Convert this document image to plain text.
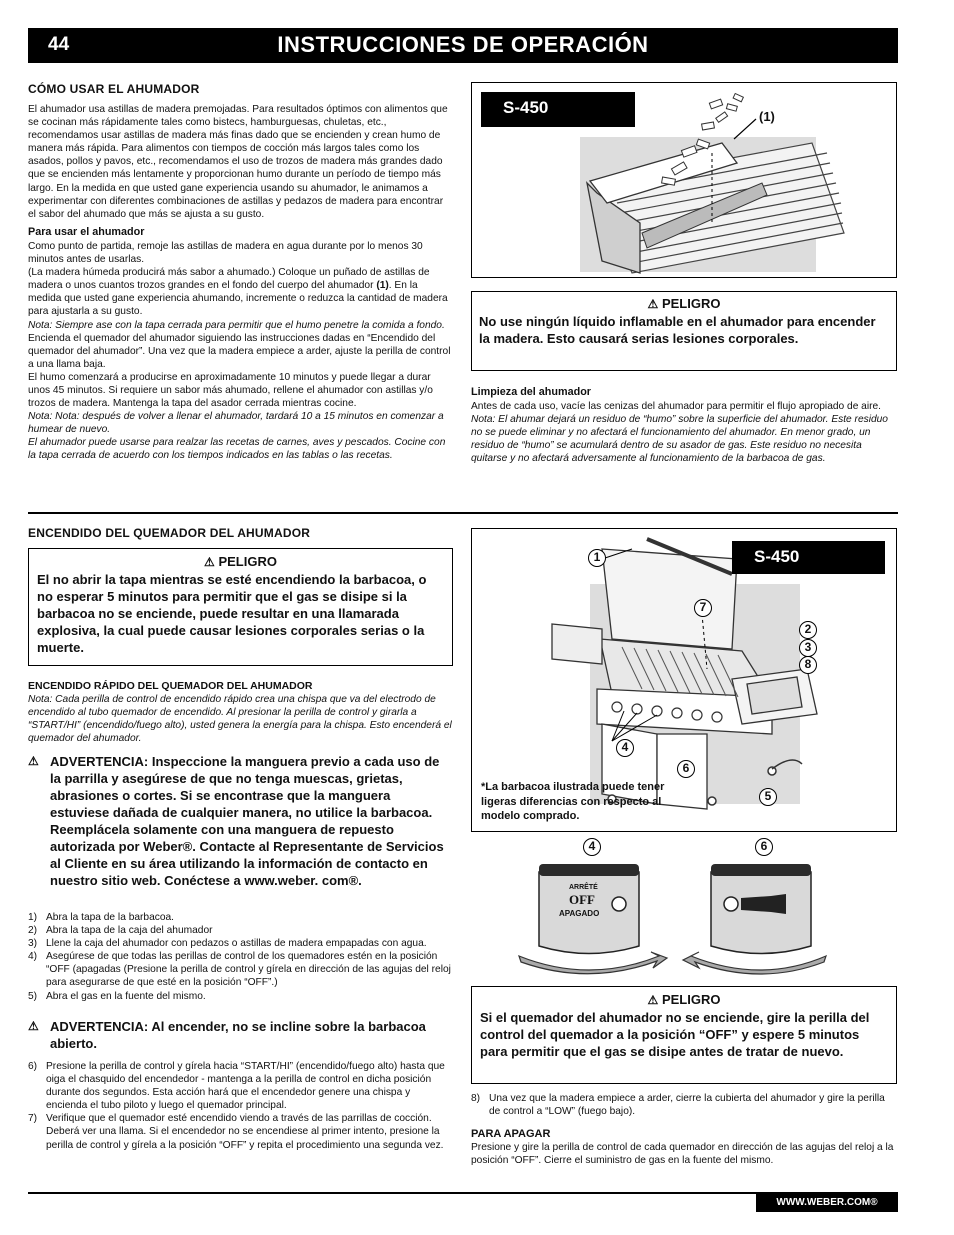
44	INSTRUCCIONES DE OPERACIÓN
CÓMO USAR EL AHUMADOR

El ahumador usa astillas de madera premojadas. Para resultados óptimos con alimentos que se cocinan más rápidamente tales como bistecs, hamburguesas, chuletas, etc., recomendamos usar astillas de madera más finas dado que se encienden y crean humo de manera más rápida. Para alimentos con tiempos de cocción más largos tales como los asados, pollos y pavos, etc., recomendamos el uso de trozos de madera más grandes dado que se encienden más lentamente y proporcionan humo durante un período de tiempo más largo. En la medida en que usted gane experiencia usando su ahumador, le animamos a experimentar con diferentes combinaciones de astillas y pedazos de madera para encontrar el sabor del ahumado que más se ajusta a su gusto.

Para usar el ahumador

Como punto de partida, remoje las astillas de madera en agua durante por lo menos 30 minutos antes de usarlas.

(La madera húmeda producirá más sabor a ahumado.) Coloque un puñado de astillas de madera o unos cuantos trozos grandes en el fondo del cuerpo del ahumador (1). En la medida que usted gane experiencia ahumando, incremente o reduzca la cantidad de madera para ajustarla a su gusto.

Nota: Siempre ase con la tapa cerrada para permitir que el humo penetre la comida a fondo.

Encienda el quemador del ahumador siguiendo las instrucciones dadas en “Encendido del quemador del ahumador”. Una vez que la madera empiece a arder, ajuste la perilla de control a una llama baja.

El humo comenzará a producirse en aproximadamente 10 minutos y puede llegar a durar unos 45 minutos. Si requiere un sabor más ahumado, rellene el ahumador con astillas y/o trozos de madera. Mantenga la tapa del asador cerrada mientras cocine.

Nota: Nota: después de volver a llenar el ahumador, tardará 10 a 15 minutos en comenzar a humear de nuevo.

El ahumador puede usarse para realzar las recetas de carnes, aves y pescados. Cocine con la tapa cerrada de acuerdo con los tiempos indicados en las tablas o las recetas.

S-450	(1)
⚠ PELIGRO
No use ningún líquido inflamable en el ahumador para encender la madera. Esto causará serias lesiones corporales.

Limpieza del ahumador

Antes de cada uso, vacíe las cenizas del ahumador para permitir el flujo apropiado de aire.

Nota: El ahumar dejará un residuo de “humo” sobre la superficie del ahumador. Este residuo no se puede eliminar y no afectará el funcionamiento del ahumador. En menor grado, un residuo de “humo” se acumulará dentro de su asador de gas. Este residuo no necesita quitarse y no afectará adversamente al funcionamiento de la barbacoa de gas.

ENCENDIDO DEL QUEMADOR DEL AHUMADOR
⚠ PELIGRO
El no abrir la tapa mientras se esté encendiendo la barbacoa, o no esperar 5 minutos para permitir que el gas se disipe si la barbacoa no se enciende, puede resultar en una llamarada explosiva, la cual puede causar lesiones corporales serias o la muerte.

ENCENDIDO RÁPIDO DEL QUEMADOR DEL AHUMADOR

Nota: Cada perilla de control de encendido rápido crea una chispa que va del electrodo de encendido al tubo quemador de encendido. Al presionar la perilla de control y girarla a “START/HI” (encendido/fuego alto), usted genera la energía para la chispa. Esto encenderá el quemador del ahumador.

⚠ ADVERTENCIA: Inspeccione la manguera previo a cada uso de la parrilla y asegúrese de que no tenga muescas, grietas, abrasiones o cortes. Si se encontrase que la manguera estuviese dañada de cualquier manera, no utilice la barbacoa. Reemplácela solamente con una manguera de repuesto autorizada por Weber®. Contacte al Representante de Servicios al Cliente en su área utilizando la información de contacto en nuestro sitio web. Conéctese a www.weber. com®.
1) Abra la tapa de la barbacoa.
2) Abra la tapa de la caja del ahumador
3) Llene la caja del ahumador con pedazos o astillas de madera empapadas con agua.
4) Asegúrese de que todas las perillas de control de los quemadores estén en la posición “OFF (apagadas (Presione la perilla de control y gírela en dirección de las agujas del reloj para asegurarse de que esté en la posición “OFF”.)
5) Abra el gas en la fuente del mismo.
⚠ ADVERTENCIA: Al encender, no se incline sobre la barbacoa abierto.
6) Presione la perilla de control y gírela hacia “START/HI” (encendido/fuego alto) hasta que oiga el chasquido del encendedor - mantenga a la perilla de control en dicha posición durante dos segundos. Esta acción hará que el encendedor genere una chispa y encienda el tubo piloto y luego el quemador principal.
7) Verifique que el quemador esté encendido viendo a través de las parrillas de cocción. Deberá ver una llama. Si el encendedor no se encendiese al primer intento, presione la perilla de control y gírela a la posición “OFF” y repita el procedimiento una segunda vez.
S-450
1
7
2
3
8
4
6
5
*La barbacoa ilustrada puede tener ligeras diferencias con respecto al modelo comprado.
4	6
ARRÊTÉ
OFF
APAGADO
⚠ PELIGRO
Si el quemador del ahumador no se enciende, gire la perilla del control del quemador a la posición “OFF” y espere 5 minutos para permitir que el gas se disipe antes de tratar de nuevo.
8) Una vez que la madera empiece a arder, cierre la cubierta del ahumador y gire la perilla de control a “LOW” (fuego bajo).

PARA APAGAR

Presione y gire la perilla de control de cada quemador en dirección de las agujas del reloj a la posición “OFF”. Cierre el suministro de gas en la fuente del mismo.

WWW.WEBER.COM®
